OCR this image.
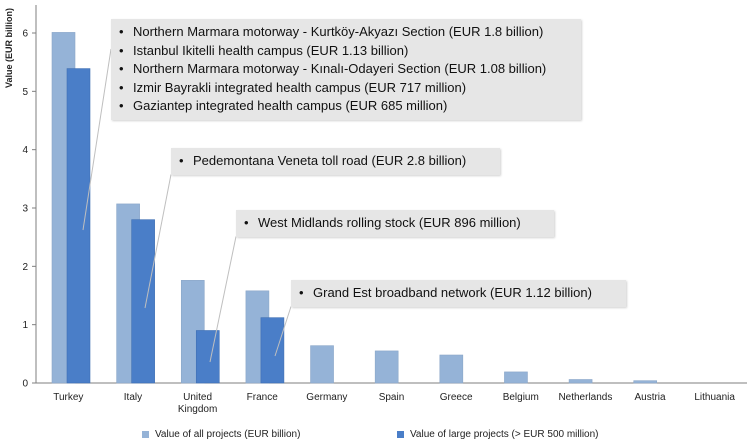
0
1
2
3
4
5
6
Value (EUR billion)
Turkey	Italy	United
Kingdom
France	Germany	Spain	Greece	Belgium Netherlands Austria	Lithuania
• Northern Marmara motorway - Kurtköy-Akyazı Section (EUR 1.8 billion)
• Istanbul Ikitelli health campus (EUR 1.13 billion)
• Northern Marmara motorway - Kınalı-Odayeri Section (EUR 1.08 billion)
• Izmir Bayrakli integrated health campus (EUR 717 million)
• Gaziantep integrated health campus (EUR 685 million)
• Pedemontana Veneta toll road (EUR 2.8 billion)
• West Midlands rolling stock (EUR 896 million)
• Grand Est broadband network (EUR 1.12 billion)
Value of all projects (EUR billion)	Value of large projects (> EUR 500 million)
